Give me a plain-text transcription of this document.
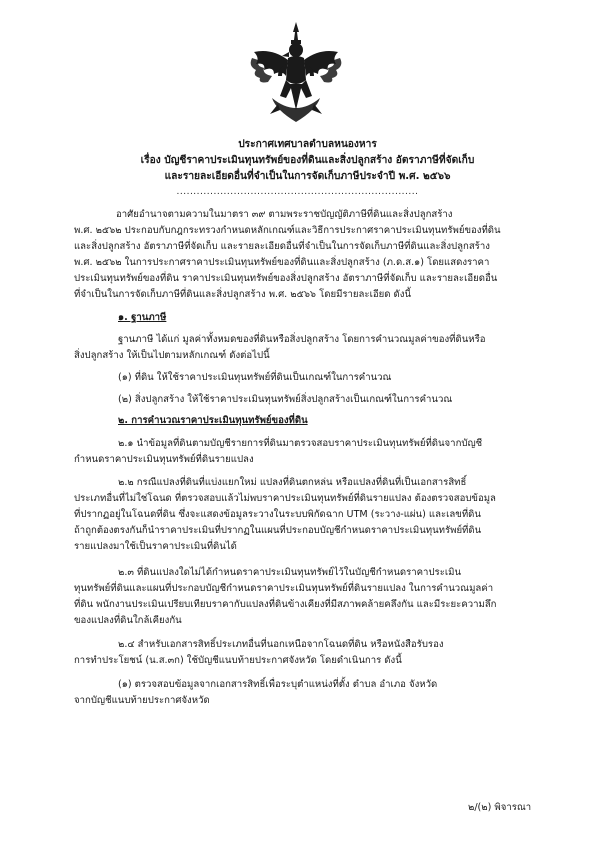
ประกาศเทศบาลตำบลหนองหาร
เรื่อง บัญชีราคาประเมินทุนทรัพย์ของที่ดินและสิ่งปลูกสร้าง อัตราภาษีที่จัดเก็บ
และรายละเอียดอื่นที่จำเป็นในการจัดเก็บภาษีประจำปี พ.ศ. ๒๕๖๖
........................................................................
อาศัยอำนาจตามความในมาตรา ๓๙ ตามพระราชบัญญัติภาษีที่ดินและสิ่งปลูกสร้าง
พ.ศ. ๒๕๖๒ ประกอบกับกฎกระทรวงกำหนดหลักเกณฑ์และวิธีการประกาศราคาประเมินทุนทรัพย์ของที่ดิน
และสิ่งปลูกสร้าง อัตราภาษีที่จัดเก็บ และรายละเอียดอื่นที่จำเป็นในการจัดเก็บภาษีที่ดินและสิ่งปลูกสร้าง
พ.ศ. ๒๕๖๒ ในการประกาศราคาประเมินทุนทรัพย์ของที่ดินและสิ่งปลูกสร้าง (ภ.ด.ส.๑) โดยแสดงราคา
ประเมินทุนทรัพย์ของที่ดิน ราคาประเมินทุนทรัพย์ของสิ่งปลูกสร้าง อัตราภาษีที่จัดเก็บ และรายละเอียดอื่น
ที่จำเป็นในการจัดเก็บภาษีที่ดินและสิ่งปลูกสร้าง พ.ศ. ๒๕๖๖ โดยมีรายละเอียด ดังนี้
๑. ฐานภาษี
ฐานภาษี ได้แก่ มูลค่าทั้งหมดของที่ดินหรือสิ่งปลูกสร้าง โดยการคำนวณมูลค่าของที่ดินหรือ
สิ่งปลูกสร้าง ให้เป็นไปตามหลักเกณฑ์ ดังต่อไปนี้
(๑) ที่ดิน ให้ใช้ราคาประเมินทุนทรัพย์ที่ดินเป็นเกณฑ์ในการคำนวณ
(๒) สิ่งปลูกสร้าง ให้ใช้ราคาประเมินทุนทรัพย์สิ่งปลูกสร้างเป็นเกณฑ์ในการคำนวณ
๒. การคำนวณราคาประเมินทุนทรัพย์ของที่ดิน
๒.๑ นำข้อมูลที่ดินตามบัญชีรายการที่ดินมาตรวจสอบราคาประเมินทุนทรัพย์ที่ดินจากบัญชี
กำหนดราคาประเมินทุนทรัพย์ที่ดินรายแปลง
๒.๒ กรณีแปลงที่ดินที่แบ่งแยกใหม่ แปลงที่ดินตกหล่น หรือแปลงที่ดินที่เป็นเอกสารสิทธิ์
ประเภทอื่นที่ไม่ใช่โฉนด ที่ตรวจสอบแล้วไม่พบราคาประเมินทุนทรัพย์ที่ดินรายแปลง ต้องตรวจสอบข้อมูล
ที่ปรากฏอยู่ในโฉนดที่ดิน ซึ่งจะแสดงข้อมูลระวางในระบบพิกัดฉาก UTM (ระวาง-แผ่น) และเลขที่ดิน
ถ้าถูกต้องตรงกันก็นำราคาประเมินที่ปรากฏในแผนที่ประกอบบัญชีกำหนดราคาประเมินทุนทรัพย์ที่ดิน
รายแปลงมาใช้เป็นราคาประเมินที่ดินได้
๒.๓ ที่ดินแปลงใดไม่ได้กำหนดราคาประเมินทุนทรัพย์ไว้ในบัญชีกำหนดราคาประเมิน
ทุนทรัพย์ที่ดินและแผนที่ประกอบบัญชีกำหนดราคาประเมินทุนทรัพย์ที่ดินรายแปลง ในการคำนวณมูลค่า
ที่ดิน พนักงานประเมินเปรียบเทียบราคากับแปลงที่ดินข้างเคียงที่มีสภาพคล้ายคลึงกัน และมีระยะความลึก
ของแปลงที่ดินใกล้เคียงกัน
๒.๔ สำหรับเอกสารสิทธิ์ประเภทอื่นที่นอกเหนือจากโฉนดที่ดิน หรือหนังสือรับรอง
การทำประโยชน์ (น.ส.๓ก) ใช้บัญชีแนบท้ายประกาศจังหวัด โดยดำเนินการ ดังนี้
(๑) ตรวจสอบข้อมูลจากเอกสารสิทธิ์เพื่อระบุตำแหน่งที่ตั้ง ตำบล อำเภอ จังหวัด
จากบัญชีแนบท้ายประกาศจังหวัด
๒/(๒) พิจารณา
